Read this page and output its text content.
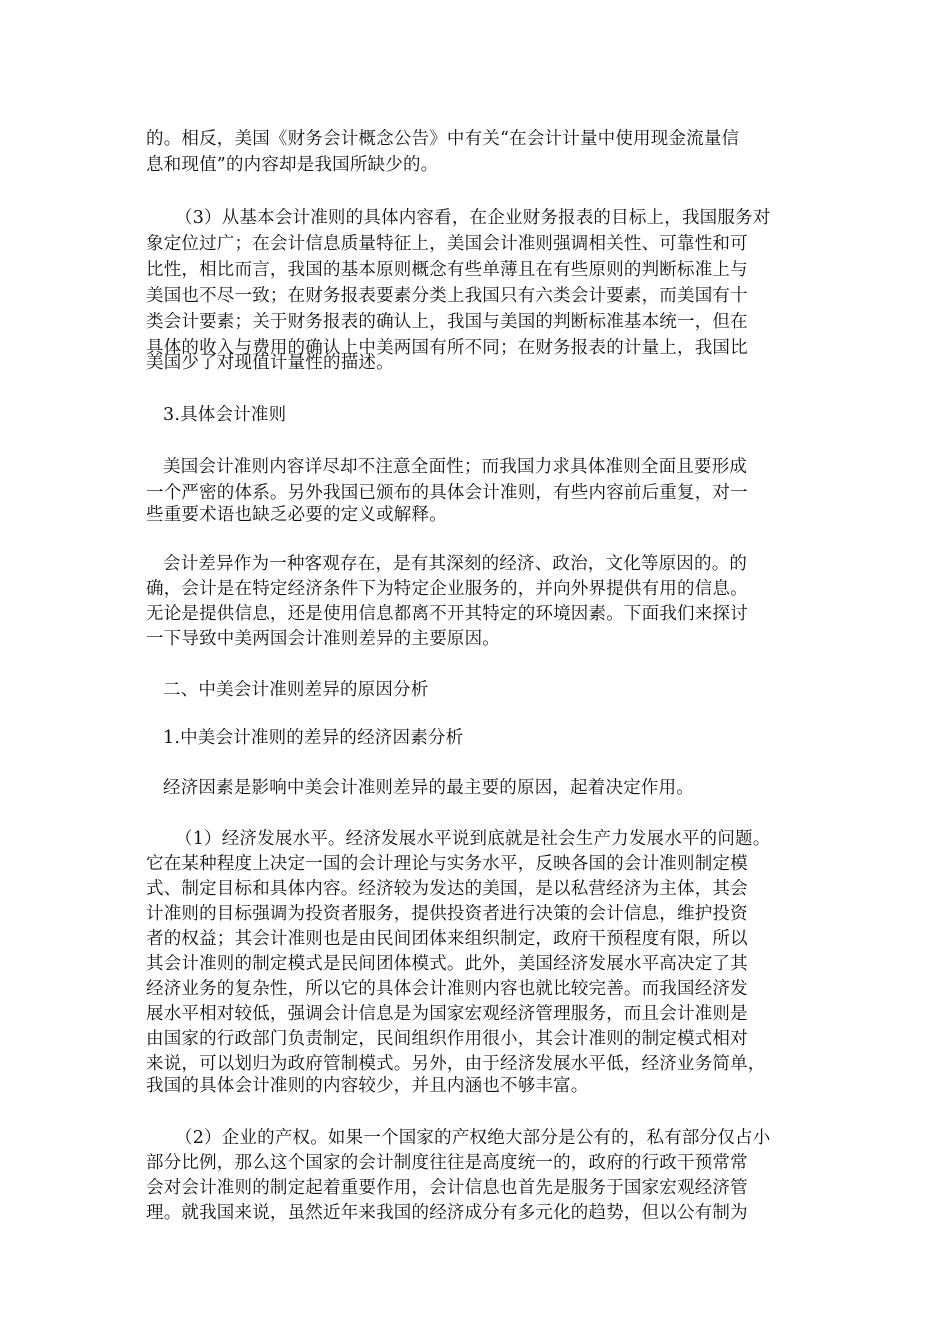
的。相反，美国《财务会计概念公告》中有关“在会计计量中使用现金流量信
息和现值”的内容却是我国所缺少的。
（3）从基本会计准则的具体内容看，在企业财务报表的目标上，我国服务对
象定位过广；在会计信息质量特征上，美国会计准则强调相关性、可靠性和可
比性，相比而言，我国的基本原则概念有些单薄且在有些原则的判断标准上与
美国也不尽一致；在财务报表要素分类上我国只有六类会计要素，而美国有十
类会计要素；关于财务报表的确认上，我国与美国的判断标准基本统一，但在
具体的收入与费用的确认上中美两国有所不同；在财务报表的计量上，我国比
美国少了对现值计量性的描述。
3.具体会计准则
美国会计准则内容详尽却不注意全面性；而我国力求具体准则全面且要形成
一个严密的体系。另外我国已颁布的具体会计准则，有些内容前后重复，对一
些重要术语也缺乏必要的定义或解释。
会计差异作为一种客观存在，是有其深刻的经济、政治，文化等原因的。的
确，会计是在特定经济条件下为特定企业服务的，并向外界提供有用的信息。
无论是提供信息，还是使用信息都离不开其特定的环境因素。下面我们来探讨
一下导致中美两国会计准则差异的主要原因。
二、中美会计准则差异的原因分析
1.中美会计准则的差异的经济因素分析
经济因素是影响中美会计准则差异的最主要的原因，起着决定作用。
（1）经济发展水平。经济发展水平说到底就是社会生产力发展水平的问题。
它在某种程度上决定一国的会计理论与实务水平，反映各国的会计准则制定模
式、制定目标和具体内容。经济较为发达的美国，是以私营经济为主体，其会
计准则的目标强调为投资者服务，提供投资者进行决策的会计信息，维护投资
者的权益；其会计准则也是由民间团体来组织制定，政府干预程度有限，所以
其会计准则的制定模式是民间团体模式。此外，美国经济发展水平高决定了其
经济业务的复杂性，所以它的具体会计准则内容也就比较完善。而我国经济发
展水平相对较低，强调会计信息是为国家宏观经济管理服务，而且会计准则是
由国家的行政部门负责制定，民间组织作用很小，其会计准则的制定模式相对
来说，可以划归为政府管制模式。另外，由于经济发展水平低，经济业务简单，
我国的具体会计准则的内容较少，并且内涵也不够丰富。
（2）企业的产权。如果一个国家的产权绝大部分是公有的，私有部分仅占小
部分比例，那么这个国家的会计制度往往是高度统一的，政府的行政干预常常
会对会计准则的制定起着重要作用，会计信息也首先是服务于国家宏观经济管
理。就我国来说，虽然近年来我国的经济成分有多元化的趋势，但以公有制为
